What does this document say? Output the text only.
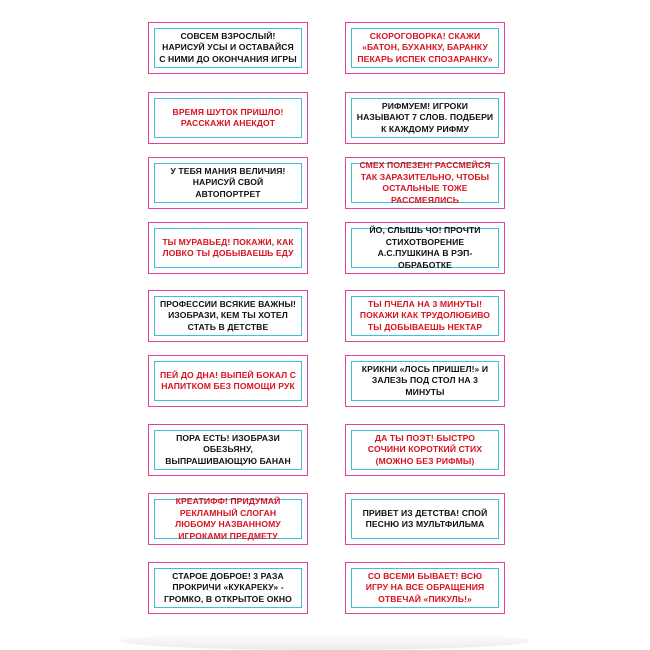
СОВСЕМ ВЗРОСЛЫЙ! НАРИСУЙ УСЫ И ОСТАВАЙСЯ С НИМИ ДО ОКОНЧАНИЯ ИГРЫ
ВРЕМЯ ШУТОК ПРИШЛО! РАССКАЖИ АНЕКДОТ
У ТЕБЯ МАНИЯ ВЕЛИЧИЯ! НАРИСУЙ СВОЙ АВТОПОРТРЕТ
ТЫ МУРАВЬЕД! ПОКАЖИ, КАК ЛОВКО ТЫ ДОБЫВАЕШЬ ЕДУ
ПРОФЕССИИ ВСЯКИЕ ВАЖНЫ! ИЗОБРАЗИ, КЕМ ТЫ ХОТЕЛ СТАТЬ В ДЕТСТВЕ
ПЕЙ ДО ДНА! ВЫПЕЙ БОКАЛ С НАПИТКОМ БЕЗ ПОМОЩИ РУК
ПОРА ЕСТЬ! ИЗОБРАЗИ ОБЕЗЬЯНУ, ВЫПРАШИВАЮЩУЮ БАНАН
КРЕАТИФФ! ПРИДУМАЙ РЕКЛАМНЫЙ СЛОГАН ЛЮБОМУ НАЗВАННОМУ ИГРОКАМИ ПРЕДМЕТУ
СТАРОЕ ДОБРОЕ! 3 РАЗА ПРОКРИЧИ «КУКАРЕКУ» - ГРОМКО, В ОТКРЫТОЕ ОКНО
СКОРОГОВОРКА! СКАЖИ «БАТОН, БУХАНКУ, БАРАНКУ ПЕКАРЬ ИСПЕК СПОЗАРАНКУ»
РИФМУЕМ! ИГРОКИ НАЗЫВАЮТ 7 СЛОВ. ПОДБЕРИ К КАЖДОМУ РИФМУ
СМЕХ ПОЛЕЗЕН! РАССМЕЙСЯ ТАК ЗАРАЗИТЕЛЬНО, ЧТОБЫ ОСТАЛЬНЫЕ ТОЖЕ РАССМЕЯЛИСЬ
ЙО, СЛЫШЬ ЧО! ПРОЧТИ СТИХОТВОРЕНИЕ А.С.ПУШКИНА В РЭП-ОБРАБОТКЕ
ТЫ ПЧЕЛА НА 3 МИНУТЫ! ПОКАЖИ КАК ТРУДОЛЮБИВО ТЫ ДОБЫВАЕШЬ НЕКТАР
КРИКНИ «ЛОСЬ ПРИШЕЛ!» И ЗАЛЕЗЬ ПОД СТОЛ НА 3 МИНУТЫ
ДА ТЫ ПОЭТ! БЫСТРО СОЧИНИ КОРОТКИЙ СТИХ (МОЖНО БЕЗ РИФМЫ)
ПРИВЕТ ИЗ ДЕТСТВА! СПОЙ ПЕСНЮ ИЗ МУЛЬТФИЛЬМА
СО ВСЕМИ БЫВАЕТ! ВСЮ ИГРУ НА ВСЕ ОБРАЩЕНИЯ ОТВЕЧАЙ «ПИКУЛЬ!»
